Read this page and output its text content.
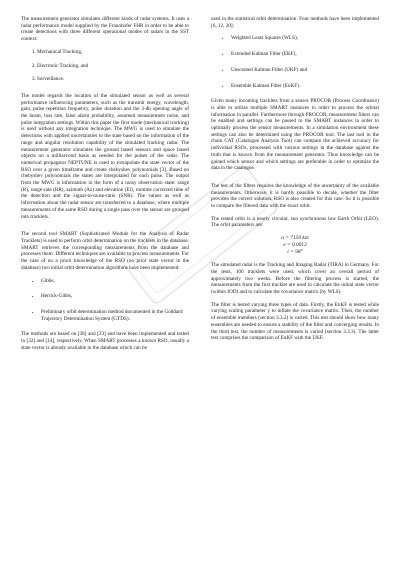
The measurement generator simulates different kinds of radar systems. It uses a radar performance model supplied by the Fraunhofer FHR in order to be able to create detections with three different operational modes of radars in the SST context:

1. Mechanical Tracking,
2. Electronic Tracking, and
3. Surveillance.

The model regards the location of the simulated sensor as well as several performance influencing parameters, such as the transmit energy, wavelength, gain, pulse repetition frequency, pulse duration and the 3-db opening angle of the beam, loss rate, false alarm probability, assumed measurement noise, and pulse integration settings. Within this paper the first mode (mechanical tracking) is used without any integration technique. The MWG is used to simulate the detections with applied uncertainties to the state based on the information of the range and angular resolution capability of the simulated tracking radar. The measurement generator simulates the ground based sensors and space based objects on a millisecond basis as needed for the pulses of the radar. The numerical propagator NEPTUNE is used to extrapolate the state vector of the RSO over a given timeframe and create chebyshev polynomials [3]. Based on chebyshev polynomials the states are interpolated for each pulse. The output from the MWG is information in the form of a noisy observation state: range (R), range-rate (RR), azimuth (Az) and elevation (El), runtime corrected time of the detection and the signal-to-noise-ratio (SNR). The values as well as information about the radar sensor are transferred to a database, where multiple measurements of the same RSO during a single pass over the sensor are grouped into tracklets.

The second tool SMART (Sophisticated Module for the Analysis of Radar Tracklets) is used to perform orbit determination on the tracklets in the database. SMART retrieves the corresponding measurements from the database and processes them. Different techniques are available to process measurements. For the case of no a priori knowledge of the RSO (no prior state vector in the database) two initial orbit determination algorithms have been implemented:

• Gibbs,
• Herrick-Gibbs,
• Preliminary orbit determination method documented in the Goddard Trajectory Determination System (GTDS).

The methods are based on [38] and [23] and have been implemented and tested in [32] and [14], respectively. When SMART processes a known RSO, usually a state vector is already available in the database which can be

used in the statistical orbit determination. Four methods have been implemented [6, 12, 20]:

• Weighted Least Squares (WLS),
• Extended Kalman Filter (EKF),
• Unscented Kalman Filter (UKF) and
• Ensemble Kalman Filter (EnKF).

Given many incoming tracklets from a sensor PROCOR (Process Coordinator) is able to utilize multiple SMART instances in order to process the orbital information in parallel. Furthermore through PROCOR, measurement filters can be enabled and settings can be passed to the SMART instances in order to optimally process the sensor measurements. In a simulation environment these settings can also be determined using the PROCOR tool. The last tool in the chain CAT (Catalogue Analysis Tool) can compare the achieved accuracy for individual RSOs, processed with various settings in the database against the truth that is known from the measurement generator. Thus knowledge can be gained which sensor and which settings are preferable in order to optimize the data in the catalogue.

The test of the filters requires the knowledge of the uncertainty of the available measurements. Otherwise, it is hardly possible to decide, whether the filter provides the correct solution. RSO is also created for this case. So it is possible to compare the filtered data with the exact orbit.

The tested orbit is a nearly circular, sun synchronous low Earth Orbit (LEO). The orbit parameters are:

a = 7150 km
e = 0.0012
i = 98°

The simulated radar is the Tracking and Imaging Radar (TIRA) in Germany. For the tests, 100 tracklets were used, which cover an overall period of approximately two weeks. Before the filtering process is started, the measurements from the first tracklet are used to calculate the initial state vector (within IOD) and to calculate the covariance matrix (by WLS).

The filter is tested varying three types of data. Firstly, the EnKF is tested while varying scaling parameter γ to inflate the covariance matrix. Then, the number of ensemble members (section 3.3.2) is varied. This test should show how many ensembles are needed to ensure a stability of the filter and converging results. In the third test, the number of measurements is varied (section 3.3.3). The latter test comprises the comparison of EnKF with the UKF.
